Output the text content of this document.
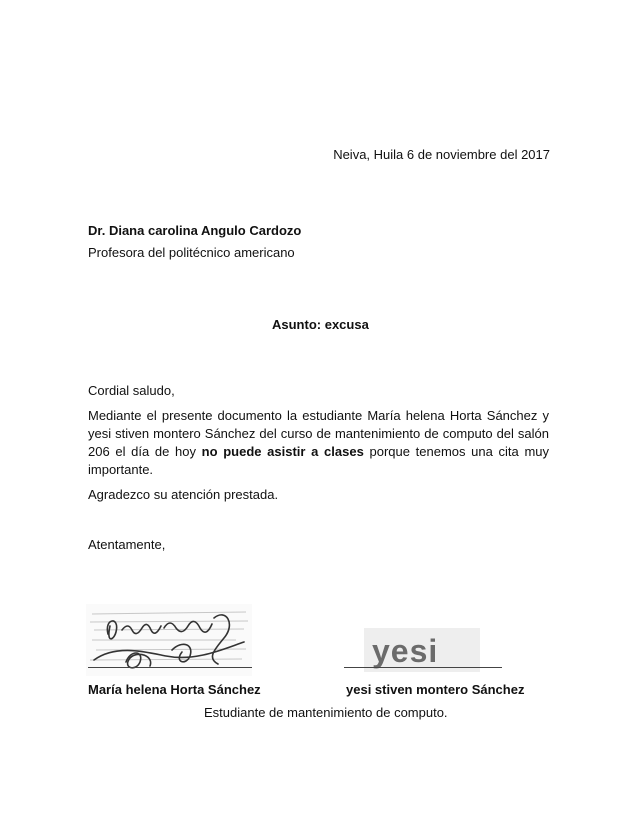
Neiva, Huila 6 de noviembre del 2017
Dr. Diana carolina Angulo Cardozo
Profesora del politécnico americano
Asunto: excusa
Cordial saludo,
Mediante el presente documento la estudiante María helena Horta Sánchez y yesi stiven montero Sánchez del curso de mantenimiento de computo del salón 206 el día de hoy no puede asistir a clases porque tenemos una cita muy importante.
Agradezco su atención prestada.
Atentamente,
yesi
María helena Horta Sánchez	yesi stiven montero Sánchez
Estudiante de mantenimiento de computo.
